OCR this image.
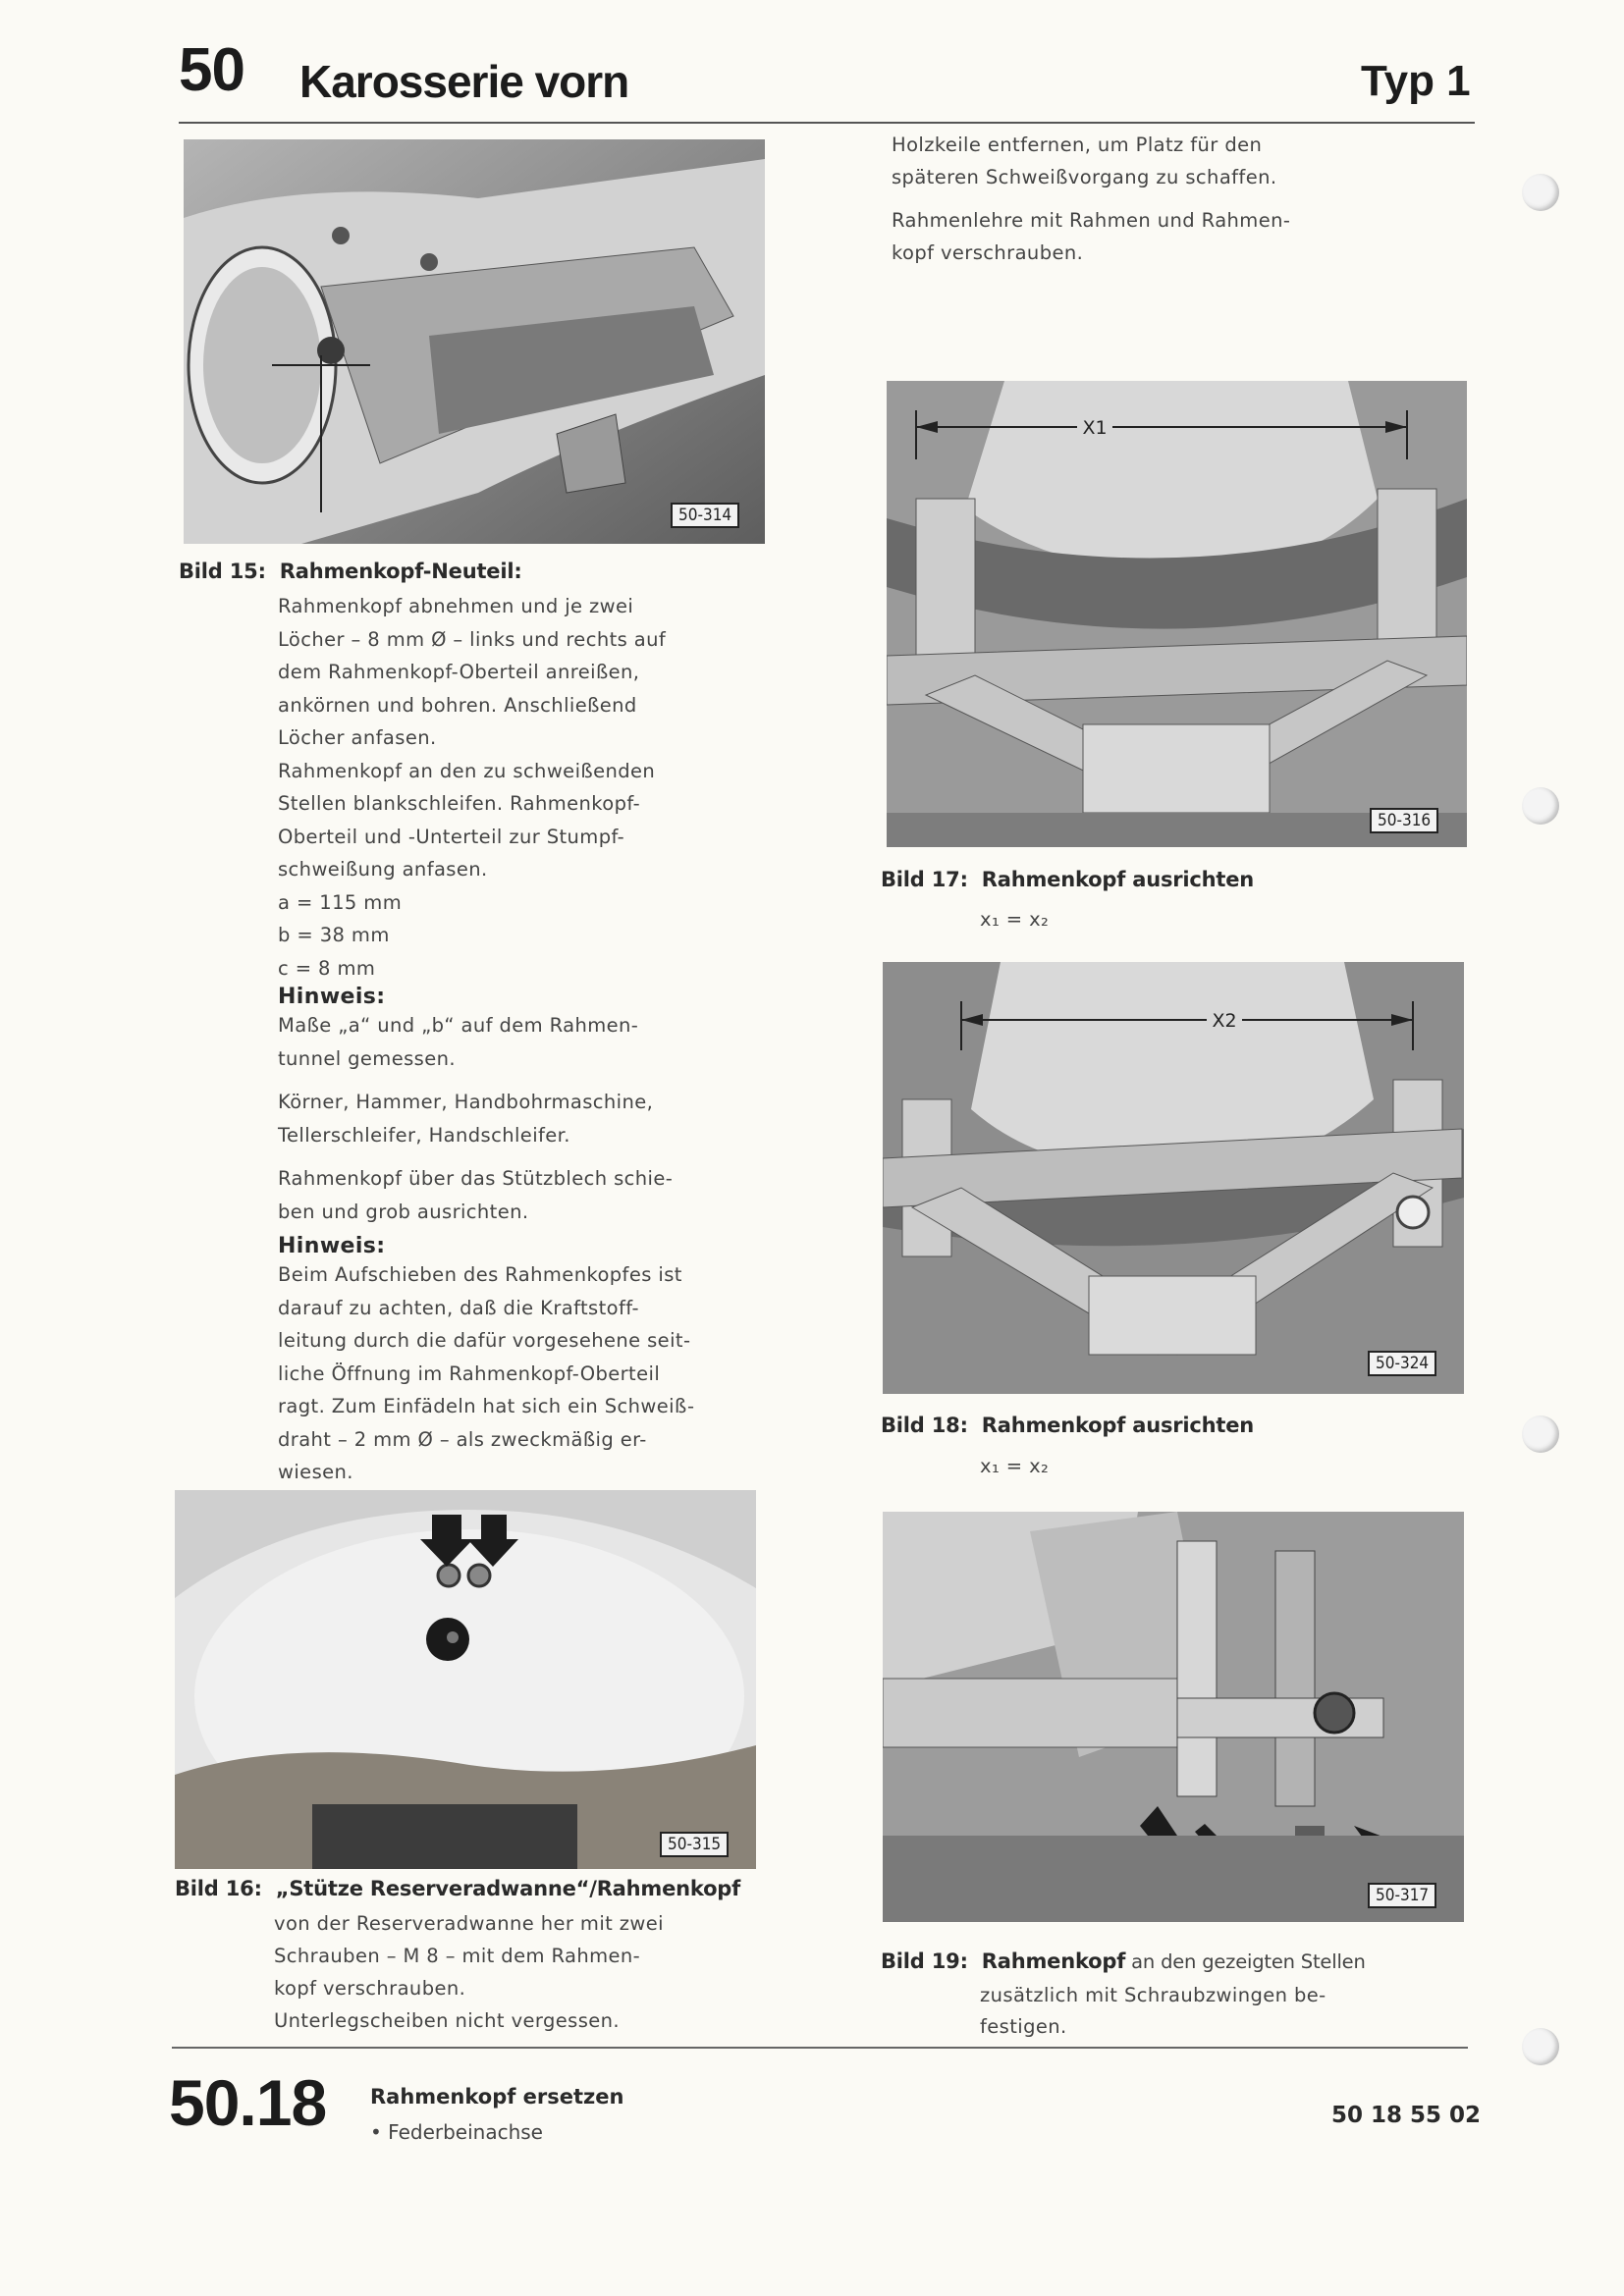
50 Karosserie vorn	Typ 1

Holzkeile entfernen, um Platz für den

späteren Schweißvorgang zu schaffen.

Rahmenlehre mit Rahmen und Rahmen-

kopf verschrauben.

50-314
Bild 15: Rahmenkopf-Neuteil:

Rahmenkopf abnehmen und je zwei

Löcher – 8 mm Ø – links und rechts auf

dem Rahmenkopf-Oberteil anreißen,

ankörnen und bohren. Anschließend

Löcher anfasen.

Rahmenkopf an den zu schweißenden

Stellen blankschleifen. Rahmenkopf-

Oberteil und -Unterteil zur Stumpf-

schweißung anfasen.

a = 115 mm

b = 38 mm

c = 8 mm

Hinweis:

Maße „a“ und „b“ auf dem Rahmen-

tunnel gemessen.

Körner, Hammer, Handbohrmaschine,

Tellerschleifer, Handschleifer.

Rahmenkopf über das Stützblech schie-

ben und grob ausrichten.

Hinweis:

Beim Aufschieben des Rahmenkopfes ist

darauf zu achten, daß die Kraftstoff-

leitung durch die dafür vorgesehene seit-

liche Öffnung im Rahmenkopf-Oberteil

ragt. Zum Einfädeln hat sich ein Schweiß-

draht – 2 mm Ø – als zweckmäßig er-

wiesen.

50-315
Bild 16: „Stütze Reserveradwanne“/Rahmenkopf

von der Reserveradwanne her mit zwei

Schrauben – M 8 – mit dem Rahmen-

kopf verschrauben.

Unterlegscheiben nicht vergessen.

X1
50-316
Bild 17: Rahmenkopf ausrichten
x₁ = x₂
X2
50-324
Bild 18: Rahmenkopf ausrichten
x₁ = x₂
50-317
Bild 19: Rahmenkopf an den gezeigten Stellen

zusätzlich mit Schraubzwingen be-

festigen.

50.18 Rahmenkopf ersetzen
• Federbeinachse
50 18 55 02
